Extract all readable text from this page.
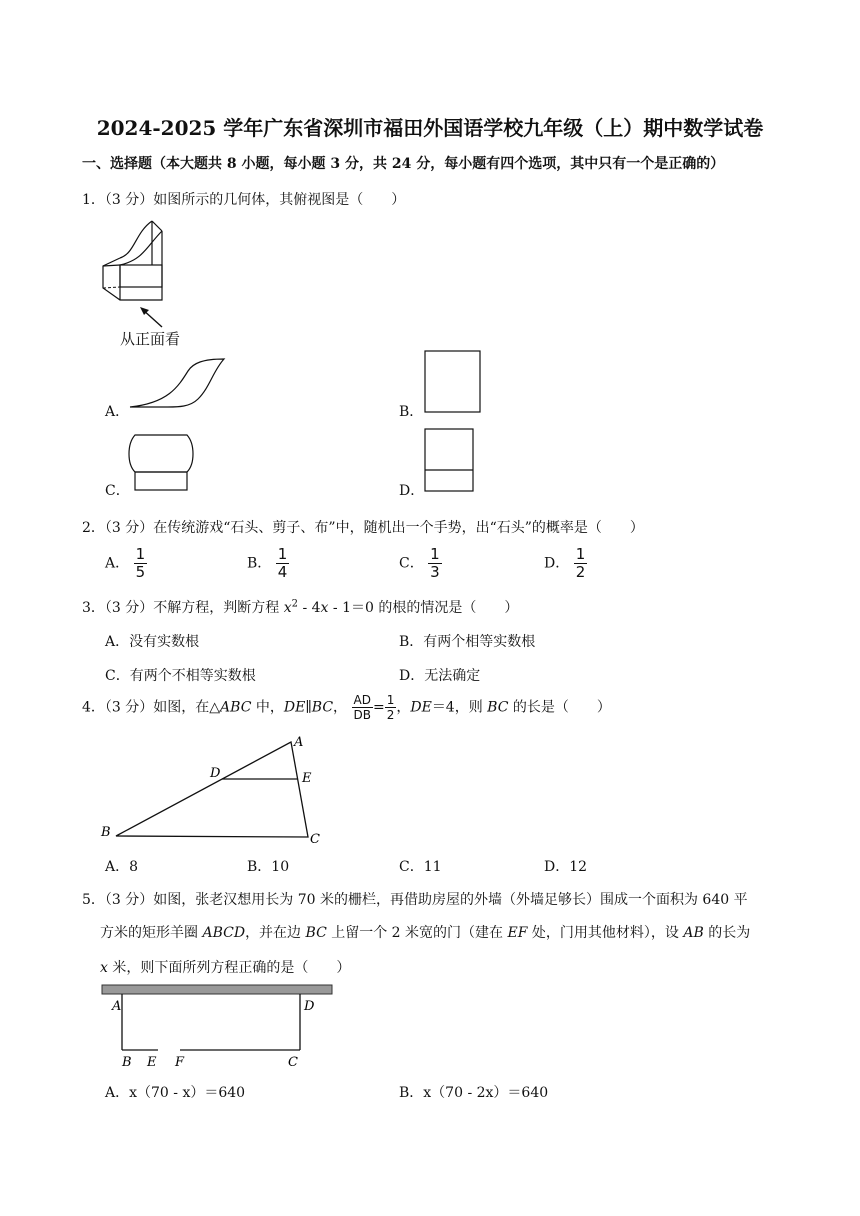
2024-2025 学年广东省深圳市福田外国语学校九年级（上）期中数学试卷
一、选择题（本大题共 8 小题，每小题 3 分，共 24 分，每小题有四个选项，其中只有一个是正确的）
1．（3 分）如图所示的几何体，其俯视图是（　　）
从正面看
A．	B．
C．	D．
2．（3 分）在传统游戏“石头、剪子、布”中，随机出一个手势，出“石头”的概率是（　　）
A． $\frac{1}{5}$	B． $\frac{1}{4}$	C． $\frac{1}{3}$	D． $\frac{1}{2}$
3．（3 分）不解方程，判断方程 $x^2 - 4x - 1=0$ 的根的情况是（　　）
A．没有实数根	B．有两个相等实数根
C．有两个不相等实数根	D．无法确定
4．（3 分）如图，在△ABC 中，DE∥BC， $\frac{AD}{DB} = \frac{1}{2}$ ，DE＝4，则 BC 的长是（　　）
A
B	C
D	E
A．8	B．10	C．11	D．12
5．（3 分）如图，张老汉想用长为 70 米的栅栏，再借助房屋的外墙（外墙足够长）围成一个面积为 640 平
方米的矩形羊圈 ABCD，并在边 BC 上留一个 2 米宽的门（建在 EF 处，门用其他材料），设 AB 的长为
x 米，则下面所列方程正确的是（　　）
A	D
B E F	C
A．x（70 - x）＝640	B．x（70 - 2x）＝640
